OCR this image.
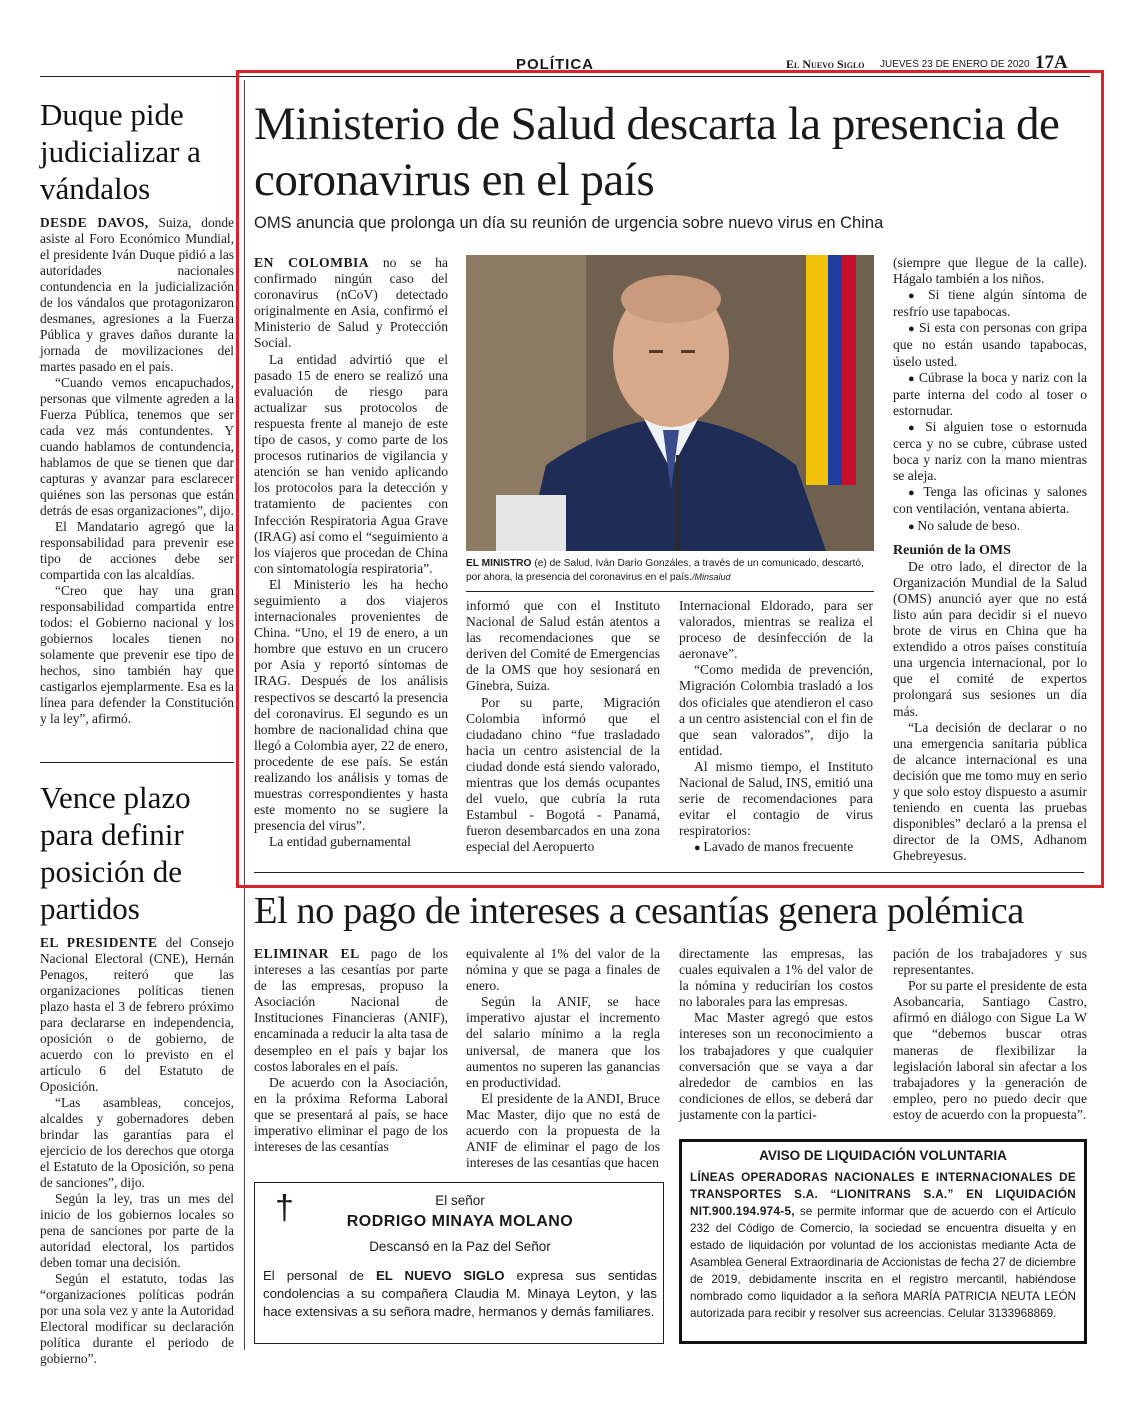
POLÍTICA	El Nuevo Siglo JUEVES 23 DE ENERO DE 2020 17A
Duque pide judicializar a vándalos

DESDE DAVOS, Suiza, donde asiste al Foro Económico Mundial, el presidente Iván Duque pidió a las autoridades nacionales contundencia en la judicialización de los vándalos que protagonizaron desmanes, agresiones a la Fuerza Pública y graves daños durante la jornada de movilizaciones del martes pasado en el país.

“Cuando vemos encapuchados, personas que vilmente agreden a la Fuerza Pública, tenemos que ser cada vez más contundentes. Y cuando hablamos de contundencia, hablamos de que se tienen que dar capturas y avanzar para esclarecer quiénes son las personas que están detrás de esas organizaciones”, dijo.

El Mandatario agregó que la responsabilidad para prevenir ese tipo de acciones debe ser compartida con las alcaldías.

“Creo que hay una gran responsabilidad compartida entre todos: el Gobierno nacional y los gobiernos locales tienen no solamente que prevenir ese tipo de hechos, sino también hay que castigarlos ejemplarmente. Esa es la línea para defender la Constitución y la ley”, afirmó.

Vence plazo para definir posición de partidos

EL PRESIDENTE del Consejo Nacional Electoral (CNE), Hernán Penagos, reiteró que las organizaciones políticas tienen plazo hasta el 3 de febrero próximo para declararse en independencia, oposición o de gobierno, de acuerdo con lo previsto en el artículo 6 del Estatuto de Oposición.

“Las asambleas, concejos, alcaldes y gobernadores deben brindar las garantías para el ejercicio de los derechos que otorga el Estatuto de la Oposición, so pena de sanciones”, dijo.

Según la ley, tras un mes del inicio de los gobiernos locales so pena de sanciones por parte de la autoridad electoral, los partidos deben tomar una decisión.

Según el estatuto, todas las “organizaciones políticas podrán por una sola vez y ante la Autoridad Electoral modificar su declaración política durante el periodo de gobierno”.

Ministerio de Salud descarta la presencia de coronavirus en el país
OMS anuncia que prolonga un día su reunión de urgencia sobre nuevo virus en China

EN COLOMBIA no se ha confirmado ningún caso del coronavirus (nCoV) detectado originalmente en Asia, confirmó el Ministerio de Salud y Protección Social.

La entidad advirtió que el pasado 15 de enero se realizó una evaluación de riesgo para actualizar sus protocolos de respuesta frente al manejo de este tipo de casos, y como parte de los procesos rutinarios de vigilancia y atención se han venido aplicando los protocolos para la detección y tratamiento de pacientes con Infección Respiratoria Agua Grave (IRAG) así como el “seguimiento a los viajeros que procedan de China con sintomatología respiratoria”.

El Ministerio les ha hecho seguimiento a dos viajeros internacionales provenientes de China. “Uno, el 19 de enero, a un hombre que estuvo en un crucero por Asia y reportó síntomas de IRAG. Después de los análisis respectivos se descartó la presencia del coronavirus. El segundo es un hombre de nacionalidad china que llegó a Colombia ayer, 22 de enero, procedente de ese país. Se están realizando los análisis y tomas de muestras correspondientes y hasta este momento no se sugiere la presencia del virus”.

La entidad gubernamental

EL MINISTRO (e) de Salud, Iván Darío Gonzáles, a través de un comunicado, descartó, por ahora, la presencia del coronavirus en el país./Minsalud

informó que con el Instituto Nacional de Salud están atentos a las recomendaciones que se deriven del Comité de Emergencias de la OMS que hoy sesionará en Ginebra, Suiza.

Por su parte, Migración Colombia informó que el ciudadano chino “fue trasladado hacia un centro asistencial de la ciudad donde está siendo valorado, mientras que los demás ocupantes del vuelo, que cubría la ruta Estambul - Bogotá - Panamá, fueron desembarcados en una zona especial del Aeropuerto

Internacional Eldorado, para ser valorados, mientras se realiza el proceso de desinfección de la aeronave”.

“Como medida de prevención, Migración Colombia trasladó a los dos oficiales que atendieron el caso a un centro asistencial con el fin de que sean valorados”, dijo la entidad.

Al mismo tiempo, el Instituto Nacional de Salud, INS, emitió una serie de recomendaciones para evitar el contagio de virus respiratorios:

● Lavado de manos frecuente

(siempre que llegue de la calle). Hágalo también a los niños.

● Si tiene algún síntoma de resfrío use tapabocas.

● Si esta con personas con gripa que no están usando tapabocas, úselo usted.

● Cúbrase la boca y nariz con la parte interna del codo al toser o estornudar.

● Si alguien tose o estornuda cerca y no se cubre, cúbrase usted boca y nariz con la mano mientras se aleja.

● Tenga las oficinas y salones con ventilación, ventana abierta.

● No salude de beso.

Reunión de la OMS

De otro lado, el director de la Organización Mundial de la Salud (OMS) anunció ayer que no está listo aún para decidir si el nuevo brote de virus en China que ha extendido a otros países constituía una urgencia internacional, por lo que el comité de expertos prolongará sus sesiones un día más.

“La decisión de declarar o no una emergencia sanitaria pública de alcance internacional es una decisión que me tomo muy en serio y que solo estoy dispuesto a asumir teniendo en cuenta las pruebas disponibles” declaró a la prensa el director de la OMS, Adhanom Ghebreyesus.

El no pago de intereses a cesantías genera polémica

ELIMINAR EL pago de los intereses a las cesantías por parte de las empresas, propuso la Asociación Nacional de Instituciones Financieras (ANIF), encaminada a reducir la alta tasa de desempleo en el país y bajar los costos laborales en el país.

De acuerdo con la Asociación, en la próxima Reforma Laboral que se presentará al país, se hace imperativo eliminar el pago de los intereses de las cesantías

equivalente al 1% del valor de la nómina y que se paga a finales de enero.

Según la ANIF, se hace imperativo ajustar el incremento del salario mínimo a la regla universal, de manera que los aumentos no superen las ganancias en productividad.

El presidente de la ANDI, Bruce Mac Master, dijo que no está de acuerdo con la propuesta de la ANIF de eliminar el pago de los intereses de las cesantías que hacen

directamente las empresas, las cuales equivalen a 1% del valor de la nómina y reducirían los costos no laborales para las empresas.

Mac Master agregó que estos intereses son un reconocimiento a los trabajadores y que cualquier conversación que se vaya a dar alrededor de cambios en las condiciones de ellos, se deberá dar justamente con la partici-

pación de los trabajadores y sus representantes.

Por su parte el presidente de esta Asobancaria, Santiago Castro, afirmó en diálogo con Sigue La W que “debemos buscar otras maneras de flexibilizar la legislación laboral sin afectar a los trabajadores y la generación de empleo, pero no puedo decir que estoy de acuerdo con la propuesta”.

†	El señor
RODRIGO MINAYA MOLANO
Descansó en la Paz del Señor
El personal de EL NUEVO SIGLO expresa sus sentidas condolencias a su compañera Claudia M. Minaya Leyton, y las hace extensivas a su señora madre, hermanos y demás familiares.
AVISO DE LIQUIDACIÓN VOLUNTARIA
LÍNEAS OPERADORAS NACIONALES E INTERNACIONALES DE TRANSPORTES S.A. “LIONITRANS S.A.” EN LIQUIDACIÓN NIT.900.194.974-5, se permite informar que de acuerdo con el Artículo 232 del Código de Comercio, la sociedad se encuentra disuelta y en estado de liquidación por voluntad de los accionistas mediante Acta de Asamblea General Extraordinaria de Accionistas de fecha 27 de diciembre de 2019, debidamente inscrita en el registro mercantil, habiéndose nombrado como liquidador a la señora MARÍA PATRICIA NEUTA LEÓN autorizada para recibir y resolver sus acreencias. Celular 3133968869.
